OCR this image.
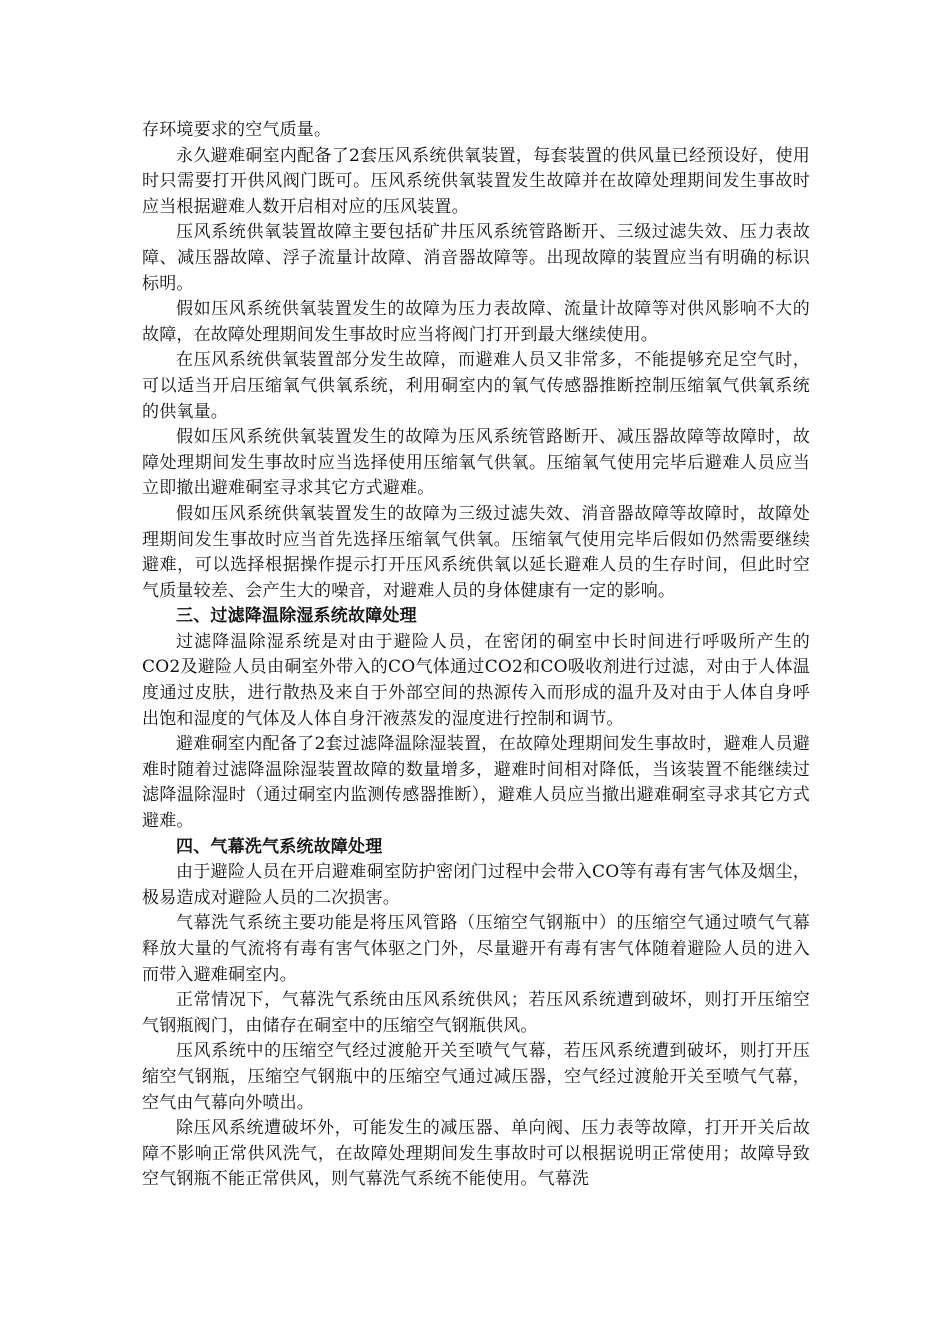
存环境要求的空气质量。

永久避难硐室内配备了2套压风系统供氧装置，每套装置的供风量已经预设好，使用时只需要打开供风阀门既可。压风系统供氧装置发生故障并在故障处理期间发生事故时应当根据避难人数开启相对应的压风装置。

压风系统供氧装置故障主要包括矿井压风系统管路断开、三级过滤失效、压力表故障、减压器故障、浮子流量计故障、消音器故障等。出现故障的装置应当有明确的标识标明。

假如压风系统供氧装置发生的故障为压力表故障、流量计故障等对供风影响不大的故障，在故障处理期间发生事故时应当将阀门打开到最大继续使用。

在压风系统供氧装置部分发生故障，而避难人员又非常多，不能提够充足空气时，可以适当开启压缩氧气供氧系统，利用硐室内的氧气传感器推断控制压缩氧气供氧系统的供氧量。

假如压风系统供氧装置发生的故障为压风系统管路断开、减压器故障等故障时，故障处理期间发生事故时应当选择使用压缩氧气供氧。压缩氧气使用完毕后避难人员应当立即撤出避难硐室寻求其它方式避难。

假如压风系统供氧装置发生的故障为三级过滤失效、消音器故障等故障时，故障处理期间发生事故时应当首先选择压缩氧气供氧。压缩氧气使用完毕后假如仍然需要继续避难，可以选择根据操作提示打开压风系统供氧以延长避难人员的生存时间，但此时空气质量较差、会产生大的噪音，对避难人员的身体健康有一定的影响。

三、过滤降温除湿系统故障处理

过滤降温除湿系统是对由于避险人员，在密闭的硐室中长时间进行呼吸所产生的CO2及避险人员由硐室外带入的CO气体通过CO2和CO吸收剂进行过滤，对由于人体温度通过皮肤，进行散热及来自于外部空间的热源传入而形成的温升及对由于人体自身呼出饱和湿度的气体及人体自身汗液蒸发的湿度进行控制和调节。

避难硐室内配备了2套过滤降温除湿装置，在故障处理期间发生事故时，避难人员避难时随着过滤降温除湿装置故障的数量增多，避难时间相对降低，当该装置不能继续过滤降温除湿时（通过硐室内监测传感器推断），避难人员应当撤出避难硐室寻求其它方式避难。

四、气幕洗气系统故障处理

由于避险人员在开启避难硐室防护密闭门过程中会带入CO等有毒有害气体及烟尘，极易造成对避险人员的二次损害。

气幕洗气系统主要功能是将压风管路（压缩空气钢瓶中）的压缩空气通过喷气气幕释放大量的气流将有毒有害气体驱之门外，尽量避开有毒有害气体随着避险人员的进入而带入避难硐室内。

正常情况下，气幕洗气系统由压风系统供风；若压风系统遭到破坏，则打开压缩空气钢瓶阀门，由储存在硐室中的压缩空气钢瓶供风。

压风系统中的压缩空气经过渡舱开关至喷气气幕，若压风系统遭到破坏，则打开压缩空气钢瓶，压缩空气钢瓶中的压缩空气通过减压器，空气经过渡舱开关至喷气气幕，空气由气幕向外喷出。

除压风系统遭破坏外，可能发生的减压器、单向阀、压力表等故障，打开开关后故障不影响正常供风洗气，在故障处理期间发生事故时可以根据说明正常使用；故障导致空气钢瓶不能正常供风，则气幕洗气系统不能使用。气幕洗
